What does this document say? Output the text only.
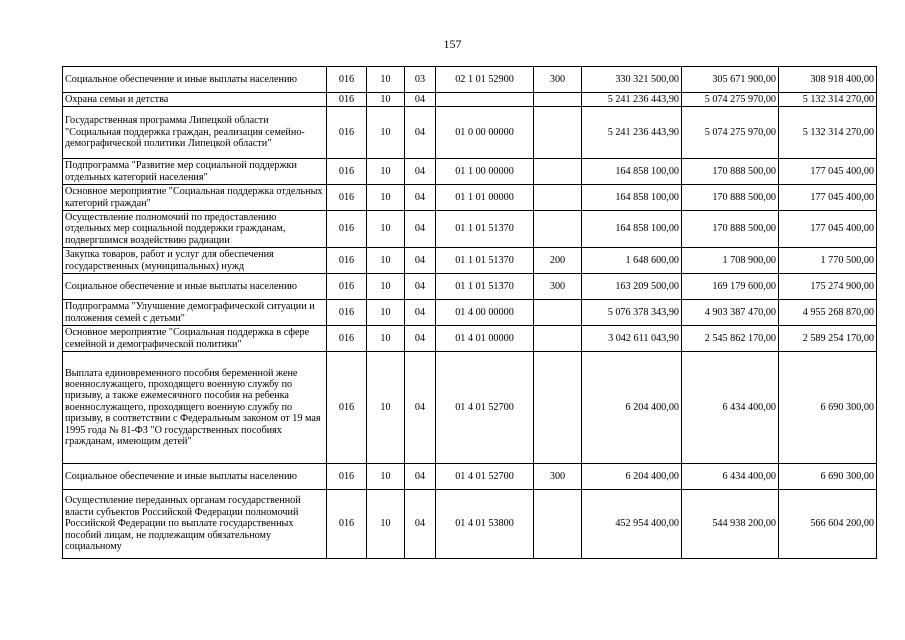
157
Социальное обеспечение и иные выплаты населению	016	10	03	02 1 01 52900	300	330 321 500,00	305 671 900,00	308 918 400,00
Охрана семьи и детства	016	10	04			5 241 236 443,90	5 074 275 970,00	5 132 314 270,00
Государственная программа Липецкой области "Социальная поддержка граждан, реализация семейно-демографической политики Липецкой области"	016	10	04	01 0 00 00000		5 241 236 443,90	5 074 275 970,00	5 132 314 270,00
Подпрограмма "Развитие мер социальной поддержки отдельных категорий населения"	016	10	04	01 1 00 00000		164 858 100,00	170 888 500,00	177 045 400,00
Основное мероприятие "Социальная поддержка отдельных категорий граждан"	016	10	04	01 1 01 00000		164 858 100,00	170 888 500,00	177 045 400,00
Осуществление полномочий по предоставлению отдельных мер социальной поддержки гражданам, подвергшимся воздействию радиации	016	10	04	01 1 01 51370		164 858 100,00	170 888 500,00	177 045 400,00
Закупка товаров, работ и услуг для обеспечения государственных (муниципальных) нужд	016	10	04	01 1 01 51370	200	1 648 600,00	1 708 900,00	1 770 500,00
Социальное обеспечение и иные выплаты населению	016	10	04	01 1 01 51370	300	163 209 500,00	169 179 600,00	175 274 900,00
Подпрограмма "Улучшение демографической ситуации и положения семей с детьми"	016	10	04	01 4 00 00000		5 076 378 343,90	4 903 387 470,00	4 955 268 870,00
Основное мероприятие "Социальная поддержка в сфере семейной и демографической политики"	016	10	04	01 4 01 00000		3 042 611 043,90	2 545 862 170,00	2 589 254 170,00
Выплата единовременного пособия беременной жене военнослужащего, проходящего военную службу по призыву, а также ежемесячного пособия на ребенка военнослужащего, проходящего военную службу по призыву, в соответствии с Федеральным законом от 19 мая 1995 года № 81-ФЗ "О государственных пособиях гражданам, имеющим детей"	016	10	04	01 4 01 52700		6 204 400,00	6 434 400,00	6 690 300,00
Социальное обеспечение и иные выплаты населению	016	10	04	01 4 01 52700	300	6 204 400,00	6 434 400,00	6 690 300,00
Осуществление переданных органам государственной власти субъектов Российской Федерации полномочий Российской Федерации по выплате государственных пособий лицам, не подлежащим обязательному социальному	016	10	04	01 4 01 53800		452 954 400,00	544 938 200,00	566 604 200,00
